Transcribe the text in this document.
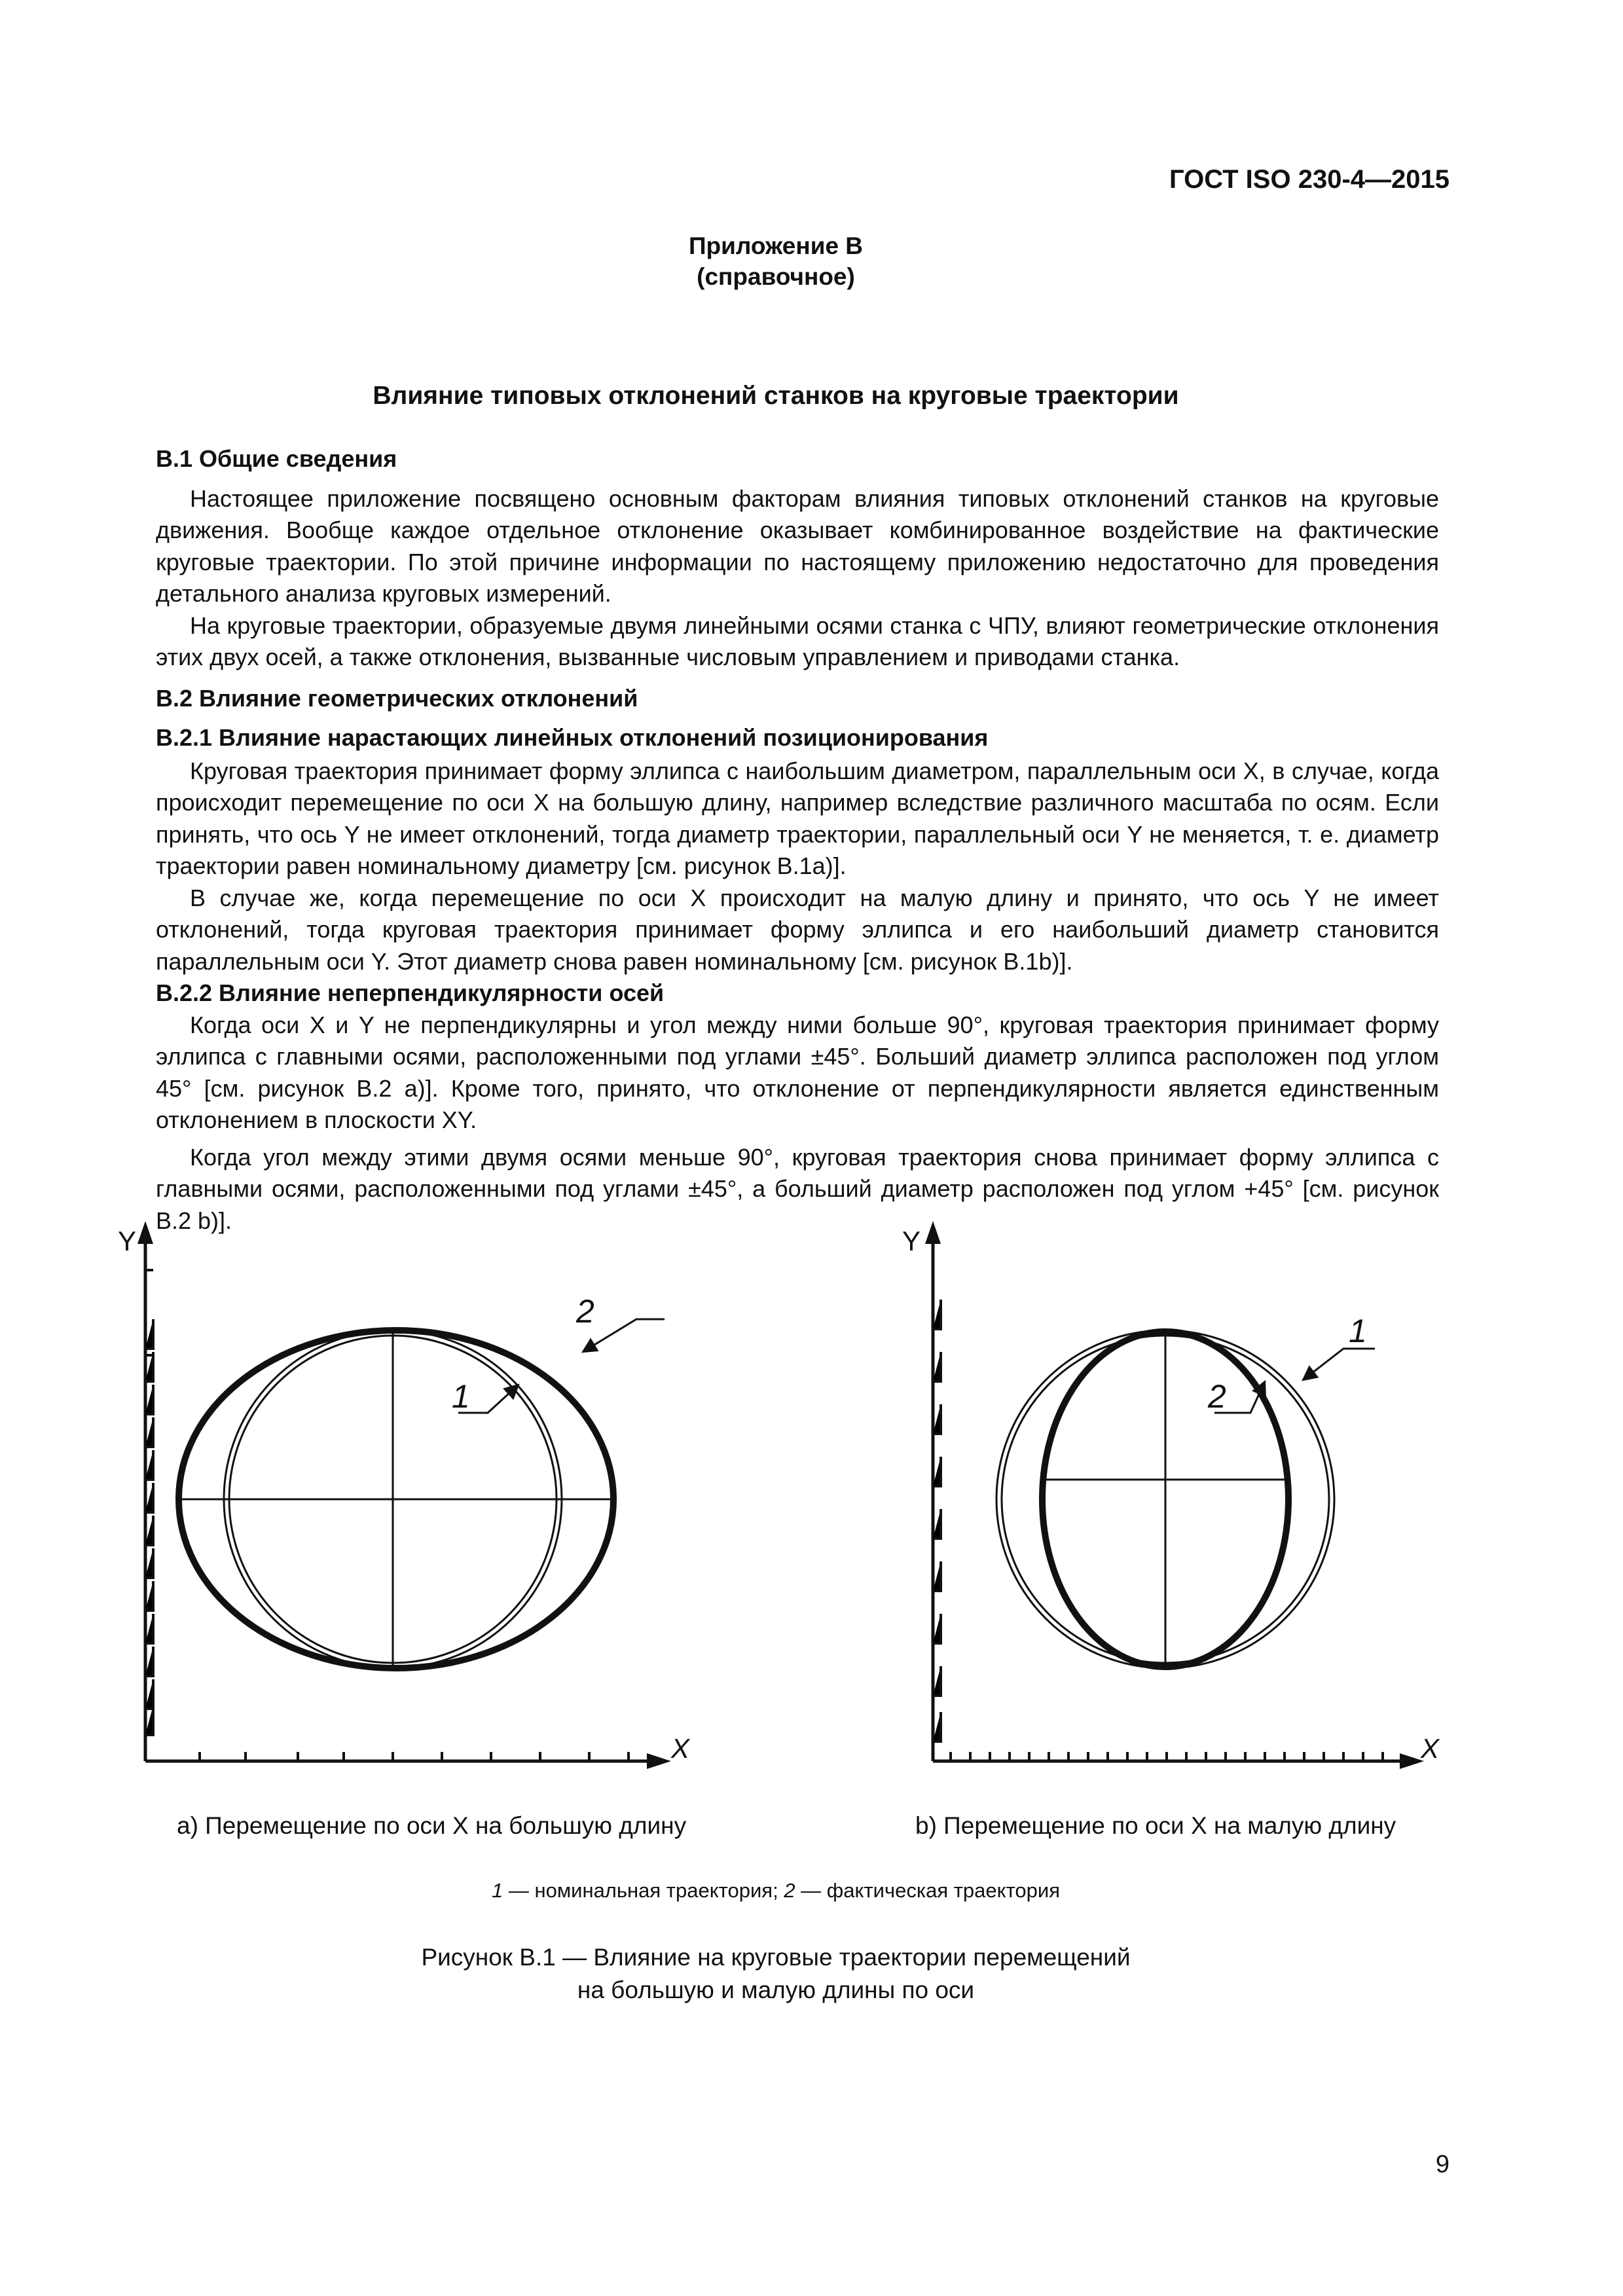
ГОСТ ISO 230-4—2015
Приложение В
(справочное)
Влияние типовых отклонений станков на круговые траектории

В.1 Общие сведения

Настоящее приложение посвящено основным факторам влияния типовых отклонений станков на круговые движения. Вообще каждое отдельное отклонение оказывает комбинированное воздействие на фактические круговые траектории. По этой причине информации по настоящему приложению недостаточно для проведения детального анализа круговых измерений.

На круговые траектории, образуемые двумя линейными осями станка с ЧПУ, влияют геометрические отклонения этих двух осей, а также отклонения, вызванные числовым управлением и приводами станка.

В.2 Влияние геометрических отклонений

В.2.1 Влияние нарастающих линейных отклонений позиционирования

Круговая траектория принимает форму эллипса с наибольшим диаметром, параллельным оси X, в случае, когда происходит перемещение по оси X на большую длину, например вследствие различного масштаба по осям. Если принять, что ось Y не имеет отклонений, тогда диаметр траектории, параллельный оси Y не меняется, т. е. диаметр траектории равен номинальному диаметру [см. рисунок В.1а)].

В случае же, когда перемещение по оси X происходит на малую длину и принято, что ось Y не имеет отклонений, тогда круговая траектория принимает форму эллипса и его наибольший диаметр становится параллельным оси Y. Этот диаметр снова равен номинальному [см. рисунок В.1b)].

В.2.2 Влияние неперпендикулярности осей

Когда оси X и Y не перпендикулярны и угол между ними больше 90°, круговая траектория принимает форму эллипса с главными осями, расположенными под углами ±45°. Больший диаметр эллипса расположен под углом 45° [см. рисунок В.2 а)]. Кроме того, принято, что отклонение от перпендикулярности является единственным отклонением в плоскости XY.

Когда угол между этими двумя осями меньше 90°, круговая траектория снова принимает форму эллипса с главными осями, расположенными под углами ±45°, а больший диаметр расположен под углом +45° [см. рисунок В.2 b)].

2
1
Y
X
1
2
Y
X
а) Перемещение по оси X на большую длину	b) Перемещение по оси X на малую длину
1 — номинальная траектория; 2 — фактическая траектория
Рисунок В.1 — Влияние на круговые траектории перемещений
на большую и малую длины по оси
9
